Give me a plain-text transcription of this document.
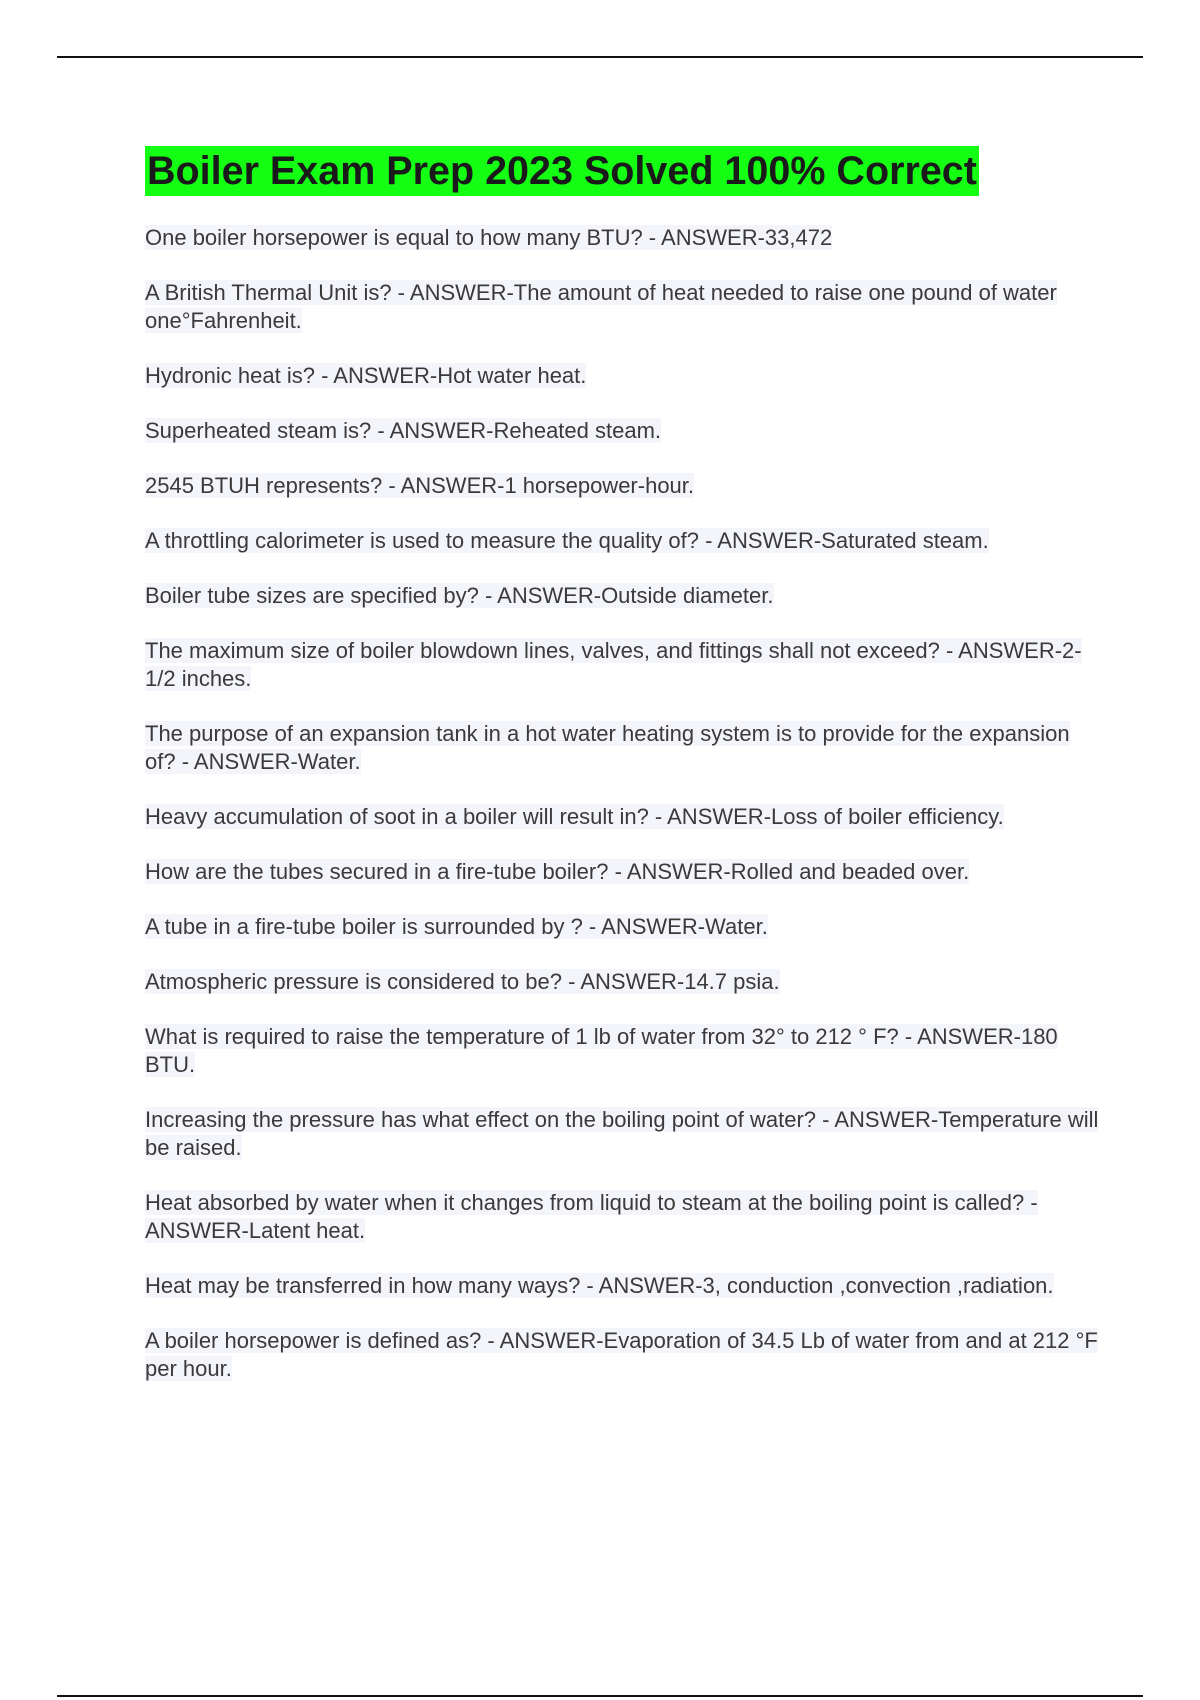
Boiler Exam Prep 2023 Solved 100% Correct
One boiler horsepower is equal to how many BTU? - ANSWER-33,472
A British Thermal Unit is? - ANSWER-The amount of heat needed to raise one pound of water one°Fahrenheit.
Hydronic heat is? - ANSWER-Hot water heat.
Superheated steam is? - ANSWER-Reheated steam.
2545 BTUH represents? - ANSWER-1 horsepower-hour.
A throttling calorimeter is used to measure the quality of? - ANSWER-Saturated steam.
Boiler tube sizes are specified by? - ANSWER-Outside diameter.
The maximum size of boiler blowdown lines, valves, and fittings shall not exceed? - ANSWER-2-1/2 inches.
The purpose of an expansion tank in a hot water heating system is to provide for the expansion of? - ANSWER-Water.
Heavy accumulation of soot in a boiler will result in? - ANSWER-Loss of boiler efficiency.
How are the tubes secured in a fire-tube boiler? - ANSWER-Rolled and beaded over.
A tube in a fire-tube boiler is surrounded by ? - ANSWER-Water.
Atmospheric pressure is considered to be? - ANSWER-14.7 psia.
What is required to raise the temperature of 1 lb of water from 32° to 212 ° F? - ANSWER-180 BTU.
Increasing the pressure has what effect on the boiling point of water? - ANSWER-Temperature will be raised.
Heat absorbed by water when it changes from liquid to steam at the boiling point is called? - ANSWER-Latent heat.
Heat may be transferred in how many ways? - ANSWER-3, conduction ,convection ,radiation.
A boiler horsepower is defined as? - ANSWER-Evaporation of 34.5 Lb of water from and at 212 °F per hour.
